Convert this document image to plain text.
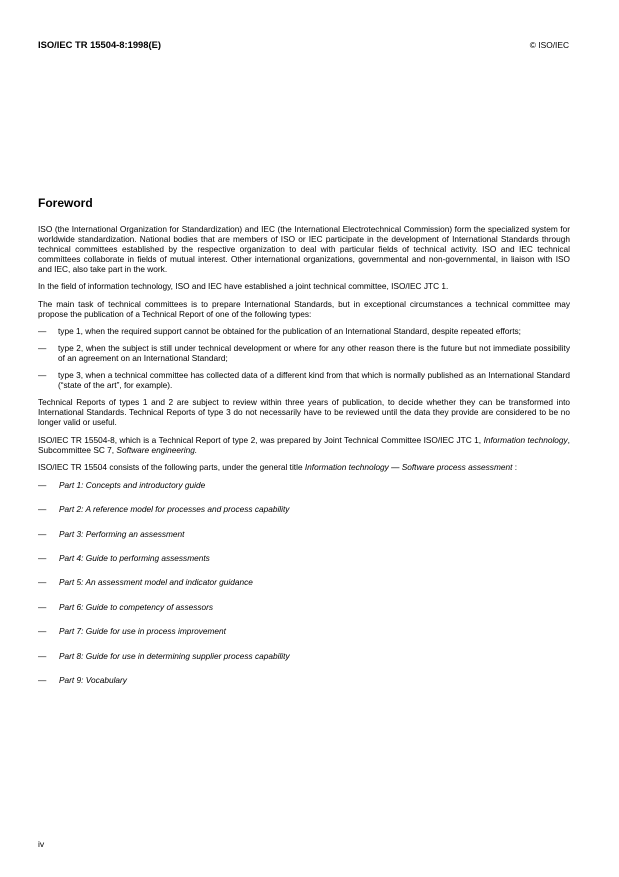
ISO/IEC TR 15504-8:1998(E)	© ISO/IEC
Foreword

ISO (the International Organization for Standardization) and IEC (the International Electrotechnical Commission) form the specialized system for worldwide standardization. National bodies that are members of ISO or IEC participate in the development of International Standards through technical committees established by the respective organization to deal with particular fields of technical activity. ISO and IEC technical committees collaborate in fields of mutual interest. Other international organizations, governmental and non-governmental, in liaison with ISO and IEC, also take part in the work.

In the field of information technology, ISO and IEC have established a joint technical committee, ISO/IEC JTC 1.

The main task of technical committees is to prepare International Standards, but in exceptional circumstances a technical committee may propose the publication of a Technical Report of one of the following types:

—	type 1, when the required support cannot be obtained for the publication of an International Standard, despite repeated efforts;
—	type 2, when the subject is still under technical development or where for any other reason there is the future but not immediate possibility of an agreement on an International Standard;
—	type 3, when a technical committee has collected data of a different kind from that which is normally published as an International Standard (“state of the art”, for example).

Technical Reports of types 1 and 2 are subject to review within three years of publication, to decide whether they can be transformed into International Standards. Technical Reports of type 3 do not necessarily have to be reviewed until the data they provide are considered to be no longer valid or useful.

ISO/IEC TR 15504-8, which is a Technical Report of type 2, was prepared by Joint Technical Committee ISO/IEC JTC 1, Information technology, Subcommittee SC 7, Software engineering.

ISO/IEC TR 15504 consists of the following parts, under the general title Information technology — Software process assessment :

—	Part 1: Concepts and introductory guide
—	Part 2: A reference model for processes and process capability
—	Part 3: Performing an assessment
—	Part 4: Guide to performing assessments
—	Part 5: An assessment model and indicator guidance
—	Part 6: Guide to competency of assessors
—	Part 7: Guide for use in process improvement
—	Part 8: Guide for use in determining supplier process capability
—	Part 9: Vocabulary
iv
